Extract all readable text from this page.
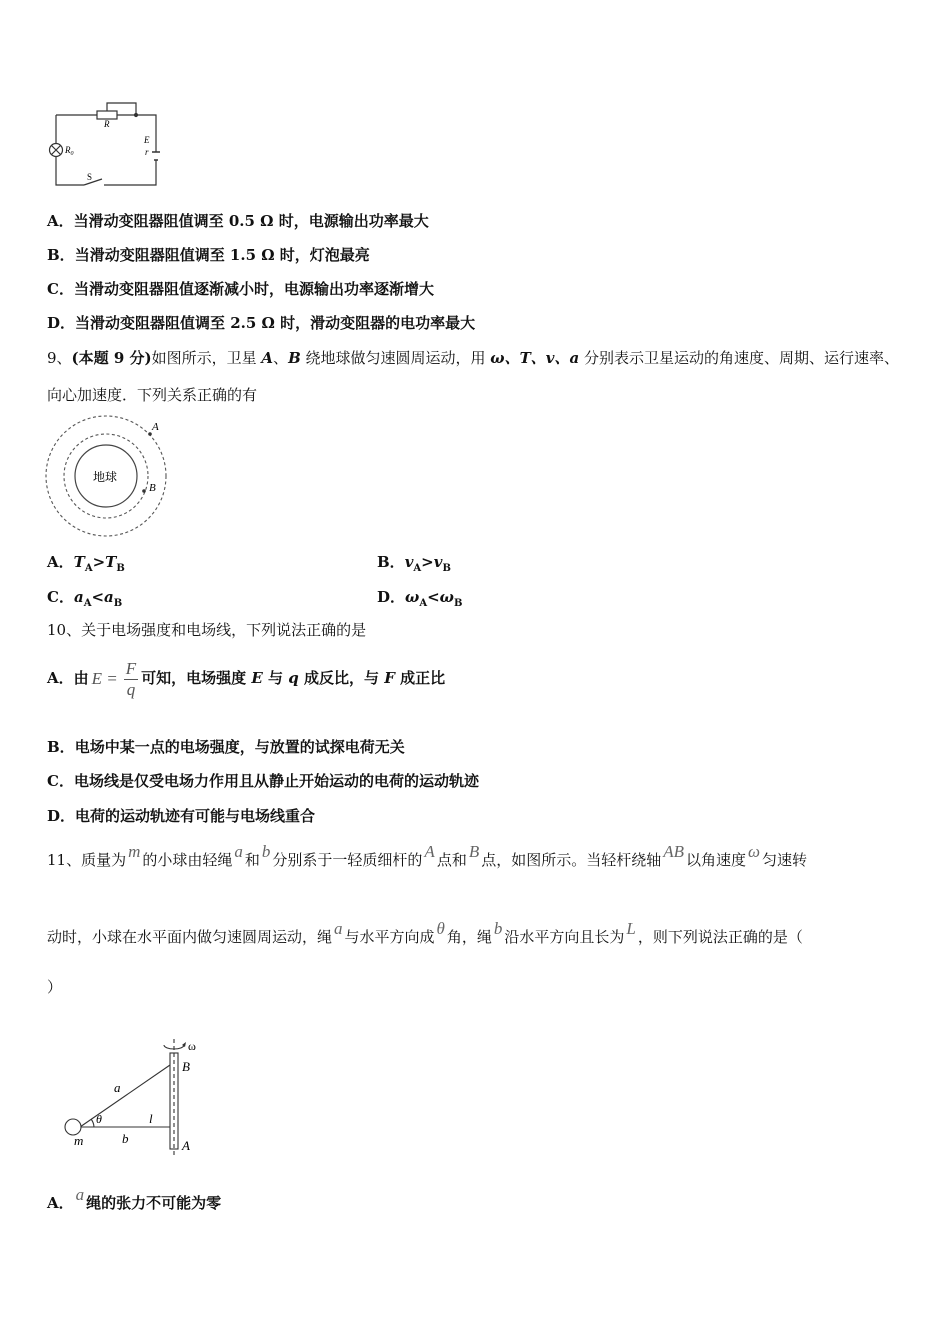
R
E
r
$R_0$
S
A．当滑动变阻器阻值调至 0.5 Ω 时，电源输出功率最大
B．当滑动变阻器阻值调至 1.5 Ω 时，灯泡最亮
C．当滑动变阻器阻值逐渐减小时，电源输出功率逐渐增大
D．当滑动变阻器阻值调至 2.5 Ω 时，滑动变阻器的电功率最大
9、(本题 9 分)如图所示，卫星 A、B 绕地球做匀速圆周运动，用 ω、T、v、a 分别表示卫星运动的角速度、周期、运行速率、
向心加速度．下列关系正确的有
地球
A
B
A．$T_A>T_B$	B．$v_A>v_B$
C．$a_A<a_B$	D．$\omega_A<\omega_B$
10、关于电场强度和电场线，下列说法正确的是
A．由 $E = \frac{F}{q}$ 可知，电场强度 E 与 q 成反比，与 F 成正比
B．电场中某一点的电场强度，与放置的试探电荷无关
C．电场线是仅受电场力作用且从静止开始运动的电荷的运动轨迹
D．电荷的运动轨迹有可能与电场线重合
11、质量为 m 的小球由轻绳 a 和 b 分别系于一轻质细杆的 A 点和 B 点，如图所示。当轻杆绕轴 AB 以角速度 ω 匀速转
动时，小球在水平面内做匀速圆周运动，绳 a 与水平方向成 θ 角，绳 b 沿水平方向且长为 L ，则下列说法正确的是（
）
ω
B
a
θ	l
m	b	A
A． a 绳的张力不可能为零
